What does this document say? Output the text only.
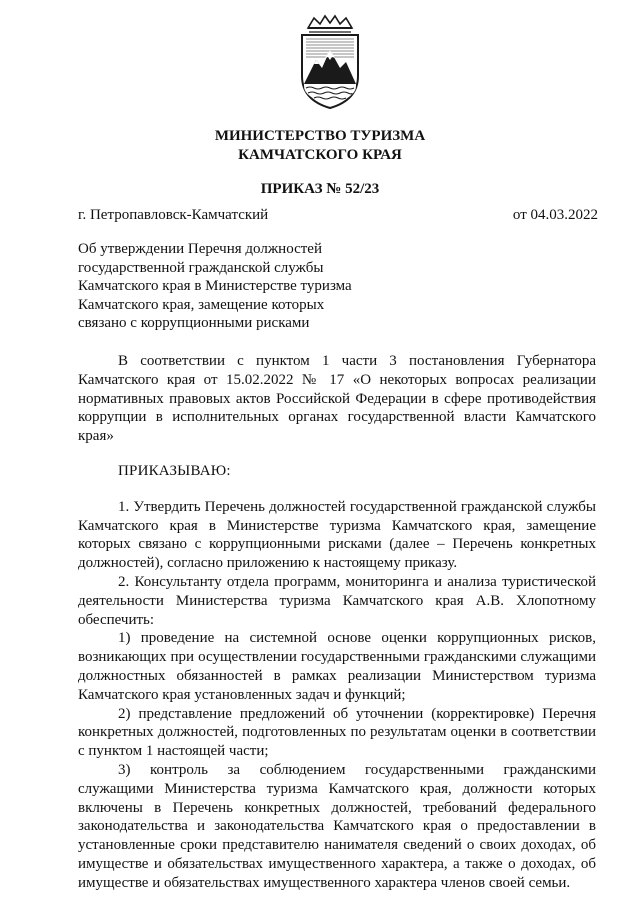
МИНИСТЕРСТВО ТУРИЗМА
КАМЧАТСКОГО КРАЯ
ПРИКАЗ № 52/23
г. Петропавловск-Камчатский	от 04.03.2022
Об утверждении Перечня должностей
государственной гражданской службы
Камчатского края в Министерстве туризма
Камчатского края, замещение которых
связано с коррупционными рисками

В соответствии с пунктом 1 части 3 постановления Губернатора Камчатского края от 15.02.2022 № 17 «О некоторых вопросах реализации нормативных правовых актов Российской Федерации в сфере противодействия коррупции в исполнительных органах государственной власти Камчатского края»

ПРИКАЗЫВАЮ:

1. Утвердить Перечень должностей государственной гражданской службы Камчатского края в Министерстве туризма Камчатского края, замещение которых связано с коррупционными рисками (далее – Перечень конкретных должностей), согласно приложению к настоящему приказу.

2. Консультанту отдела программ, мониторинга и анализа туристической деятельности Министерства туризма Камчатского края А.В. Хлопотному обеспечить:

1) проведение на системной основе оценки коррупционных рисков, возникающих при осуществлении государственными гражданскими служащими должностных обязанностей в рамках реализации Министерством туризма Камчатского края установленных задач и функций;

2) представление предложений об уточнении (корректировке) Перечня конкретных должностей, подготовленных по результатам оценки в соответствии с пунктом 1 настоящей части;

3) контроль за соблюдением государственными гражданскими служащими Министерства туризма Камчатского края, должности которых включены в Перечень конкретных должностей, требований федерального законодательства и законодательства Камчатского края о предоставлении в установленные сроки представителю нанимателя сведений о своих доходах, об имуществе и обязательствах имущественного характера, а также о доходах, об имуществе и обязательствах имущественного характера членов своей семьи.
